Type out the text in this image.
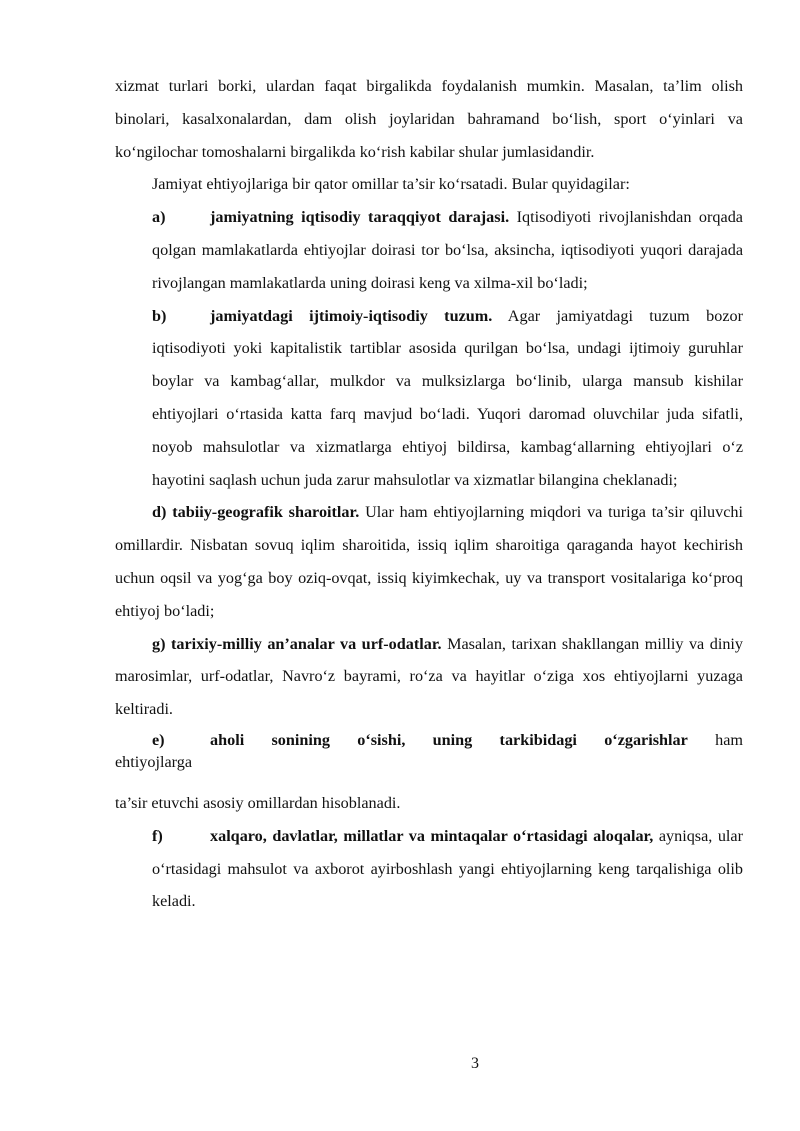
xizmat turlari borki, ulardan faqat birgalikda foydalanish mumkin. Masalan, ta’lim olish binolari, kasalxonalardan, dam olish joylaridan bahramand bo‘lish, sport o‘yinlari va ko‘ngilochar tomoshalarni birgalikda ko‘rish kabilar shular jumlasidandir.

Jamiyat ehtiyojlariga bir qator omillar ta’sir ko‘rsatadi. Bular quyidagilar:

a)	jamiyatning iqtisodiy taraqqiyot darajasi. Iqtisodiyoti rivojlanishdan orqada qolgan mamlakatlarda ehtiyojlar doirasi tor bo‘lsa, aksincha, iqtisodiyoti yuqori darajada rivojlangan mamlakatlarda uning doirasi keng va xilma-xil bo‘ladi;

b)	jamiyatdagi ijtimoiy-iqtisodiy tuzum. Agar jamiyatdagi tuzum bozor iqtisodiyoti yoki kapitalistik tartiblar asosida qurilgan bo‘lsa, undagi ijtimoiy guruhlar boylar va kambag‘allar, mulkdor va mulksizlarga bo‘linib, ularga mansub kishilar ehtiyojlari o‘rtasida katta farq mavjud bo‘ladi. Yuqori daromad oluvchilar juda sifatli, noyob mahsulotlar va xizmatlarga ehtiyoj bildirsa, kambag‘allarning ehtiyojlari o‘z hayotini saqlash uchun juda zarur mahsulotlar va xizmatlar bilangina cheklanadi;

d) tabiiy-geografik sharoitlar. Ular ham ehtiyojlarning miqdori va turiga ta’sir qiluvchi omillardir. Nisbatan sovuq iqlim sharoitida, issiq iqlim sharoitiga qaraganda hayot kechirish uchun oqsil va yog‘ga boy oziq-ovqat, issiq kiyimkechak, uy va transport vositalariga ko‘proq ehtiyoj bo‘ladi;

g) tarixiy-milliy an’analar va urf-odatlar. Masalan, tarixan shakllangan milliy va diniy marosimlar, urf-odatlar, Navro‘z bayrami, ro‘za va hayitlar o‘ziga xos ehtiyojlarni yuzaga keltiradi.

e)	aholi sonining o‘sishi, uning tarkibidagi o‘zgarishlar ham

ehtiyojlarga

ta’sir etuvchi asosiy omillardan hisoblanadi.

f)	xalqaro, davlatlar, millatlar va mintaqalar o‘rtasidagi aloqalar, ayniqsa, ular o‘rtasidagi mahsulot va axborot ayirboshlash yangi ehtiyojlarning keng tarqalishiga olib keladi.

3
